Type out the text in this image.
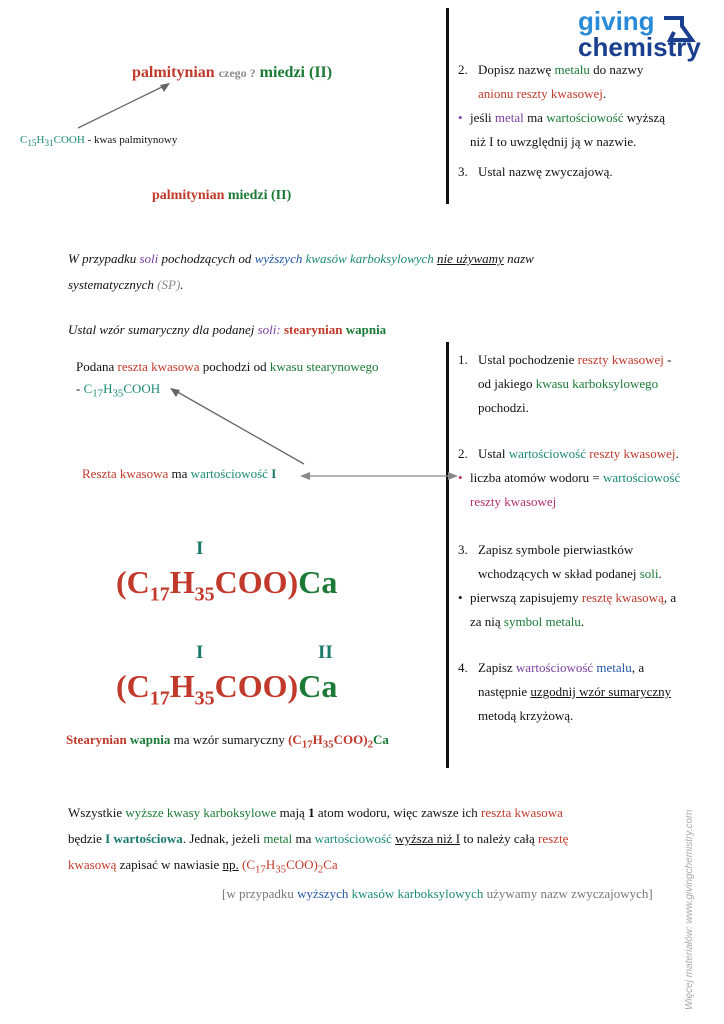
giving
chemistry
palmitynian czego ? miedzi (II)
$C_{15}H_{31}COOH$ - kwas palmitynowy
palmitynian miedzi (II)
2. Dopisz nazwę metalu do nazwy
anionu reszty kwasowej.
• jeśli metal ma wartościowość wyższą
niż I to uwzględnij ją w nazwie.
3. Ustal nazwę zwyczajową.
W przypadku soli pochodzących od wyższych kwasów karboksylowych nie używamy nazw
systematycznych (SP).
Ustal wzór sumaryczny dla podanej soli: stearynian wapnia
Podana reszta kwasowa pochodzi od kwasu stearynowego
- $C_{17}H_{35}COOH$
Reszta kwasowa ma wartościowość I
I
$(C_{17}H_{35}COO)Ca$
I	II
$(C_{17}H_{35}COO)Ca$
Stearynian wapnia ma wzór sumaryczny $(C_{17}H_{35}COO)_2Ca$
1. Ustal pochodzenie reszty kwasowej -
od jakiego kwasu karboksylowego
pochodzi.
2. Ustal wartościowość reszty kwasowej.
• liczba atomów wodoru = wartościowość
reszty kwasowej
3. Zapisz symbole pierwiastków
wchodzących w skład podanej soli.
• pierwszą zapisujemy resztę kwasową, a
za nią symbol metalu.
4. Zapisz wartościowość metalu, a
następnie uzgodnij wzór sumaryczny
metodą krzyżową.
Wszystkie wyższe kwasy karboksylowe mają 1 atom wodoru, więc zawsze ich reszta kwasowa
będzie I wartościowa. Jednak, jeżeli metal ma wartościowość wyższa niż I to należy całą resztę
kwasową zapisać w nawiasie np. $(C_{17}H_{35}COO)_2Ca$
[w przypadku wyższych kwasów karboksylowych używamy nazw zwyczajowych]	Więcej materiałów: www.givingchemistry.com
